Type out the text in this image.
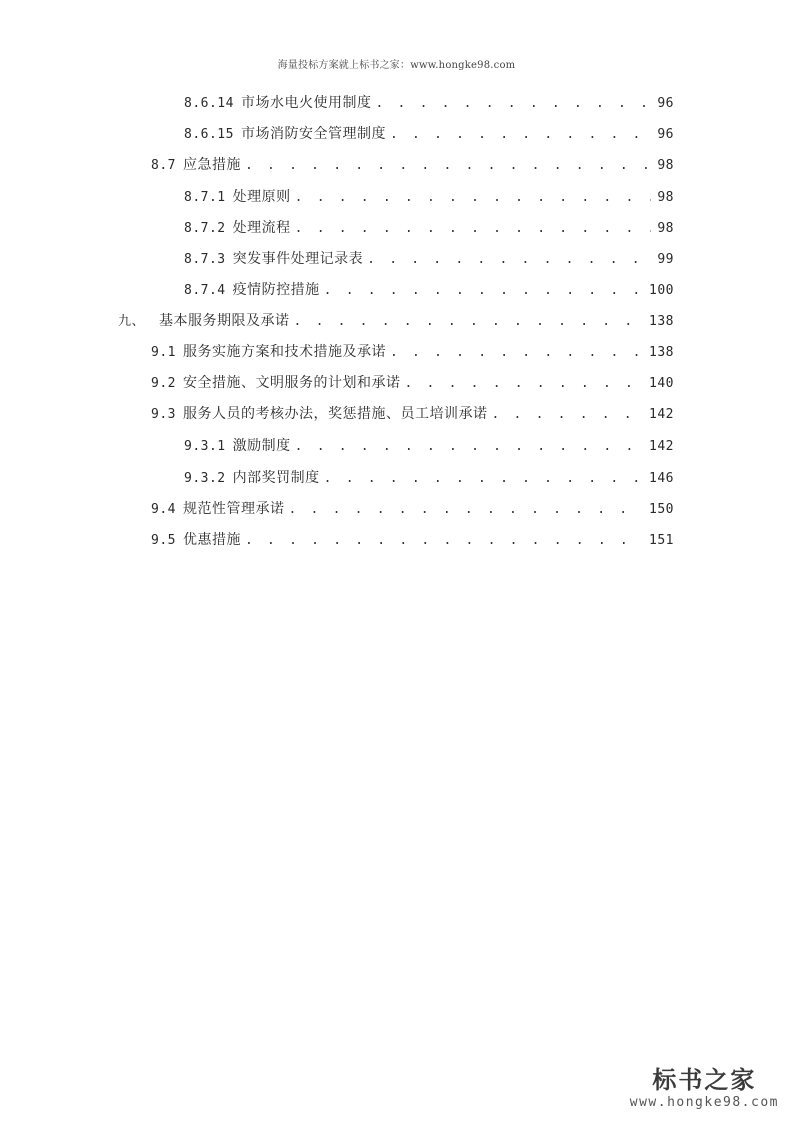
海量投标方案就上标书之家：www.hongke98.com
8.6.14 市场水电火使用制度 . . .	96
8.6.15 市场消防安全管理制度 . . .	96
8.7 应急措施 . . .	98
8.7.1 处理原则 . . .	98
8.7.2 处理流程 . . .	98
8.7.3 突发事件处理记录表 . . .	99
8.7.4 疫情防控措施 . . .	100
九、 基本服务期限及承诺 . . .	138
9.1 服务实施方案和技术措施及承诺 . . .	138
9.2 安全措施、文明服务的计划和承诺 . . .	140
9.3 服务人员的考核办法，奖惩措施、员工培训承诺 . . .	142
9.3.1 激励制度 . . .	142
9.3.2 内部奖罚制度 . . .	146
9.4 规范性管理承诺 . . .	150
9.5 优惠措施 . . .	151
标书之家
www.hongke98.com
